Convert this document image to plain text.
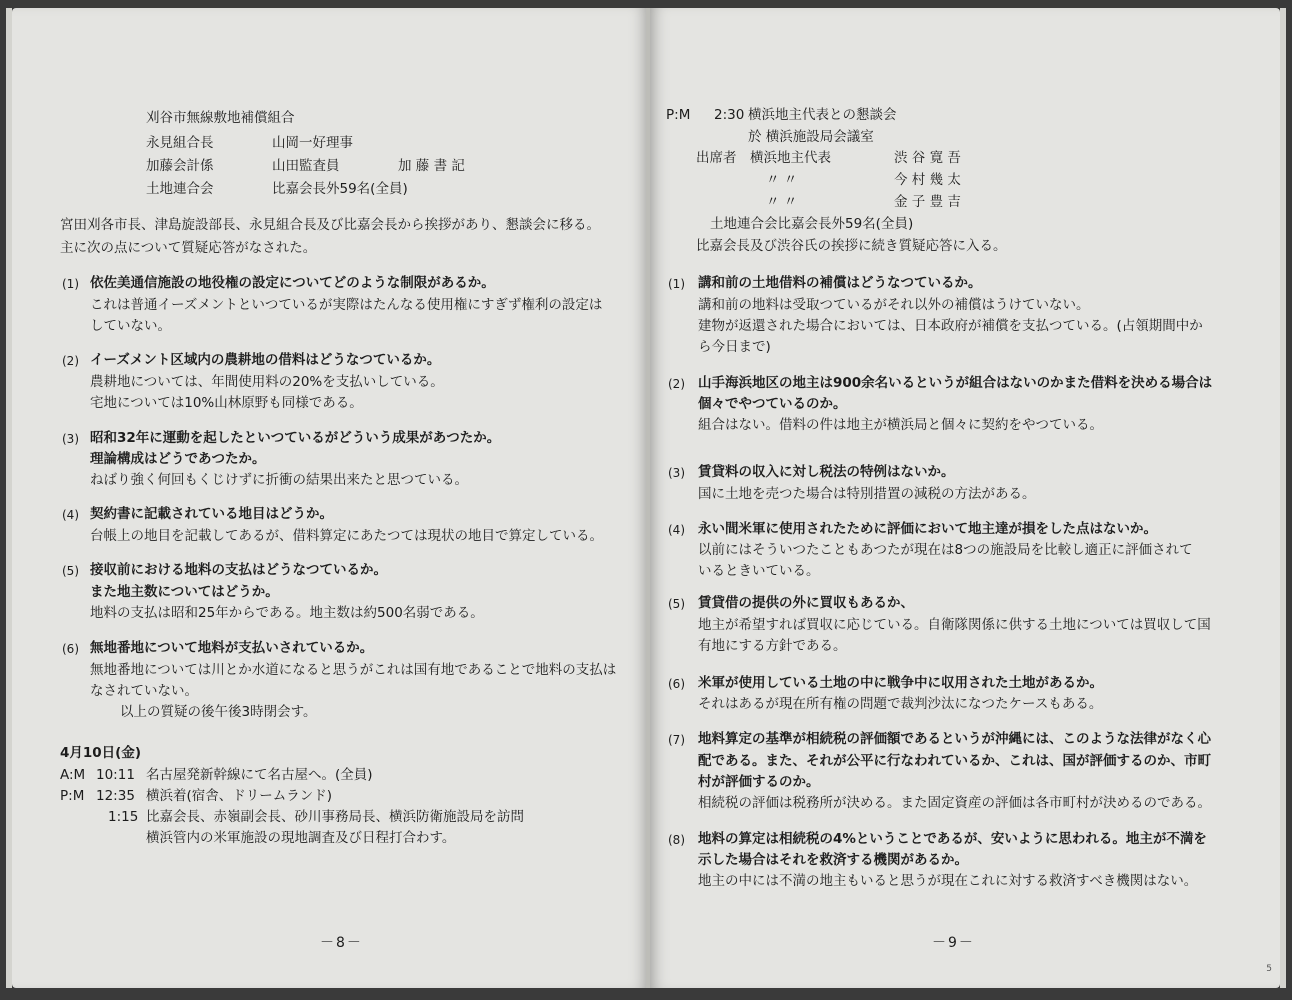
刈谷市無線敷地補償組合
永見組合長	山岡一好理事
加藤会計係	山田監査員	加 藤 書 記
土地連合会	比嘉会長外59名(全員)
宮田刈各市長、津島旋設部長、永見組合長及び比嘉会長から挨拶があり、懇談会に移る。
主に次の点について質疑応答がなされた。
(1) 依佐美通信施設の地役権の設定についてどのような制限があるか。
これは普通イーズメントといつているが実際はたんなる使用権にすぎず権利の設定は
していない。
(2) イーズメント区域内の農耕地の借料はどうなつているか。
農耕地については、年間使用料の20%を支払いしている。
宅地については10%山林原野も同様である。
(3) 昭和32年に運動を起したといつているがどういう成果があつたか。
理論構成はどうであつたか。
ねばり強く何回もくじけずに折衝の結果出来たと思つている。
(4) 契約書に記載されている地目はどうか。
台帳上の地目を記載してあるが、借料算定にあたつては現状の地目で算定している。
(5) 接収前における地料の支払はどうなつているか。
また地主数についてはどうか。
地料の支払は昭和25年からである。地主数は約500名弱である。
(6) 無地番地について地料が支払いされているか。
無地番地については川とか水道になると思うがこれは国有地であることで地料の支払は
なされていない。
以上の質疑の後午後3時閉会す。
4月10日(金)
A:M 10:11 名古屋発新幹線にて名古屋へ。(全員)
P:M 12:35 横浜着(宿舎、ドリームランド)
1:15 比嘉会長、赤嶺副会長、砂川事務局長、横浜防衛施設局を訪問
横浜管内の米軍施設の現地調査及び日程打合わす。
－8－
P:M 2:30 横浜地主代表との懇談会
於 横浜施設局会議室
出席者 横浜地主代表	渋 谷 寛 吾
〃 〃	今 村 幾 太
〃 〃	金 子 豊 吉
土地連合会比嘉会長外59名(全員)
比嘉会長及び渋谷氏の挨拶に続き質疑応答に入る。
(1) 講和前の土地借料の補償はどうなつているか。
講和前の地料は受取つているがそれ以外の補償はうけていない。
建物が返還された場合においては、日本政府が補償を支払つている。(占領期間中か
ら今日まで)
(2) 山手海浜地区の地主は900余名いるというが組合はないのかまた借料を決める場合は
個々でやつているのか。
組合はない。借料の件は地主が横浜局と個々に契約をやつている。
(3) 賃貸料の収入に対し税法の特例はないか。
国に土地を売つた場合は特別措置の減税の方法がある。
(4) 永い間米軍に使用されたために評価において地主達が損をした点はないか。
以前にはそういつたこともあつたが現在は8つの施設局を比較し適正に評価されて
いるときいている。
(5) 賃貸借の提供の外に買収もあるか、
地主が希望すれば買収に応じている。自衛隊関係に供する土地については買収して国
有地にする方針である。
(6) 米軍が使用している土地の中に戦争中に収用された土地があるか。
それはあるが現在所有権の問題で裁判沙汰になつたケースもある。
(7) 地料算定の基準が相続税の評価額であるというが沖縄には、このような法律がなく心
配である。また、それが公平に行なわれているか、これは、国が評価するのか、市町
村が評価するのか。
相続税の評価は税務所が決める。また固定資産の評価は各市町村が決めるのである。
(8) 地料の算定は相続税の4%ということであるが、安いように思われる。地主が不満を
示した場合はそれを救済する機関があるか。
地主の中には不満の地主もいると思うが現在これに対する救済すべき機関はない。
－9－
5
